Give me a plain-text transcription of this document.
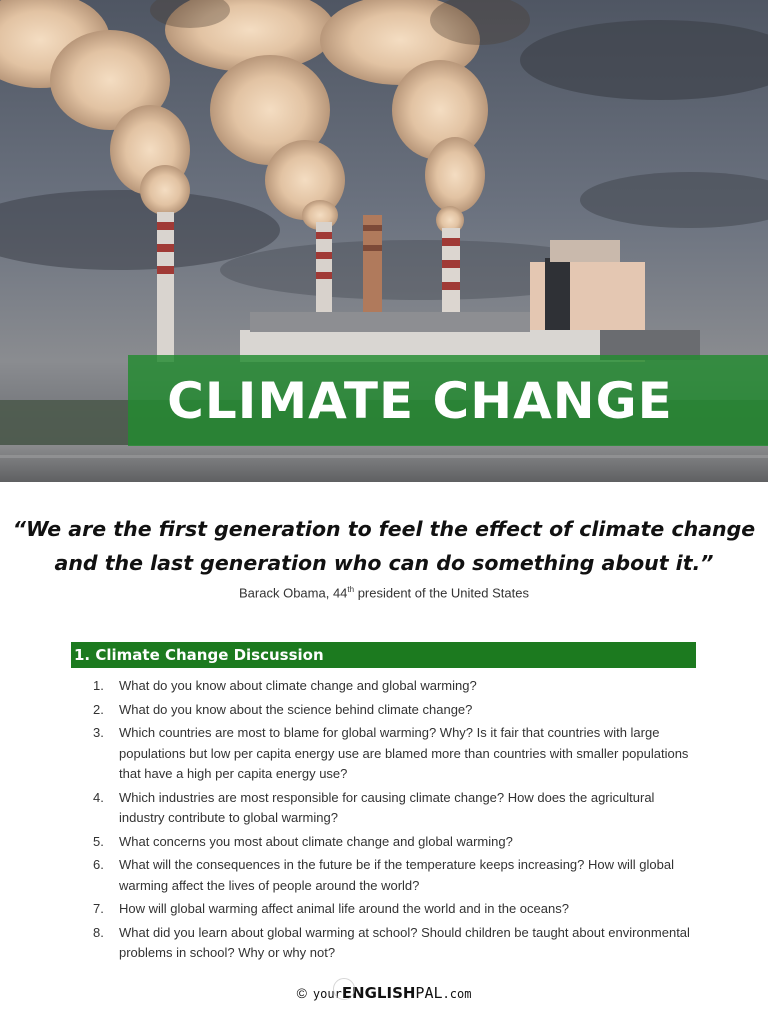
CLIMATE CHANGE
“We are the first generation to feel the effect of climate change
and the last generation who can do something about it.”
Barack Obama, 44th president of the United States
1. Climate Change Discussion
1.	What do you know about climate change and global warming?
2.	What do you know about the science behind climate change?
3.	Which countries are most to blame for global warming? Why? Is it fair that countries with large populations but low per capita energy use are blamed more than countries with smaller populations that have a high per capita energy use?
4.	Which industries are most responsible for causing climate change? How does the agricultural industry contribute to global warming?
5.	What concerns you most about climate change and global warming?
6.	What will the consequences in the future be if the temperature keeps increasing? How will global warming affect the lives of people around the world?
7.	How will global warming affect animal life around the world and in the oceans?
8.	What did you learn about global warming at school? Should children be taught about environmental problems in school? Why or why not?
© yourENGLISHPAL.com
